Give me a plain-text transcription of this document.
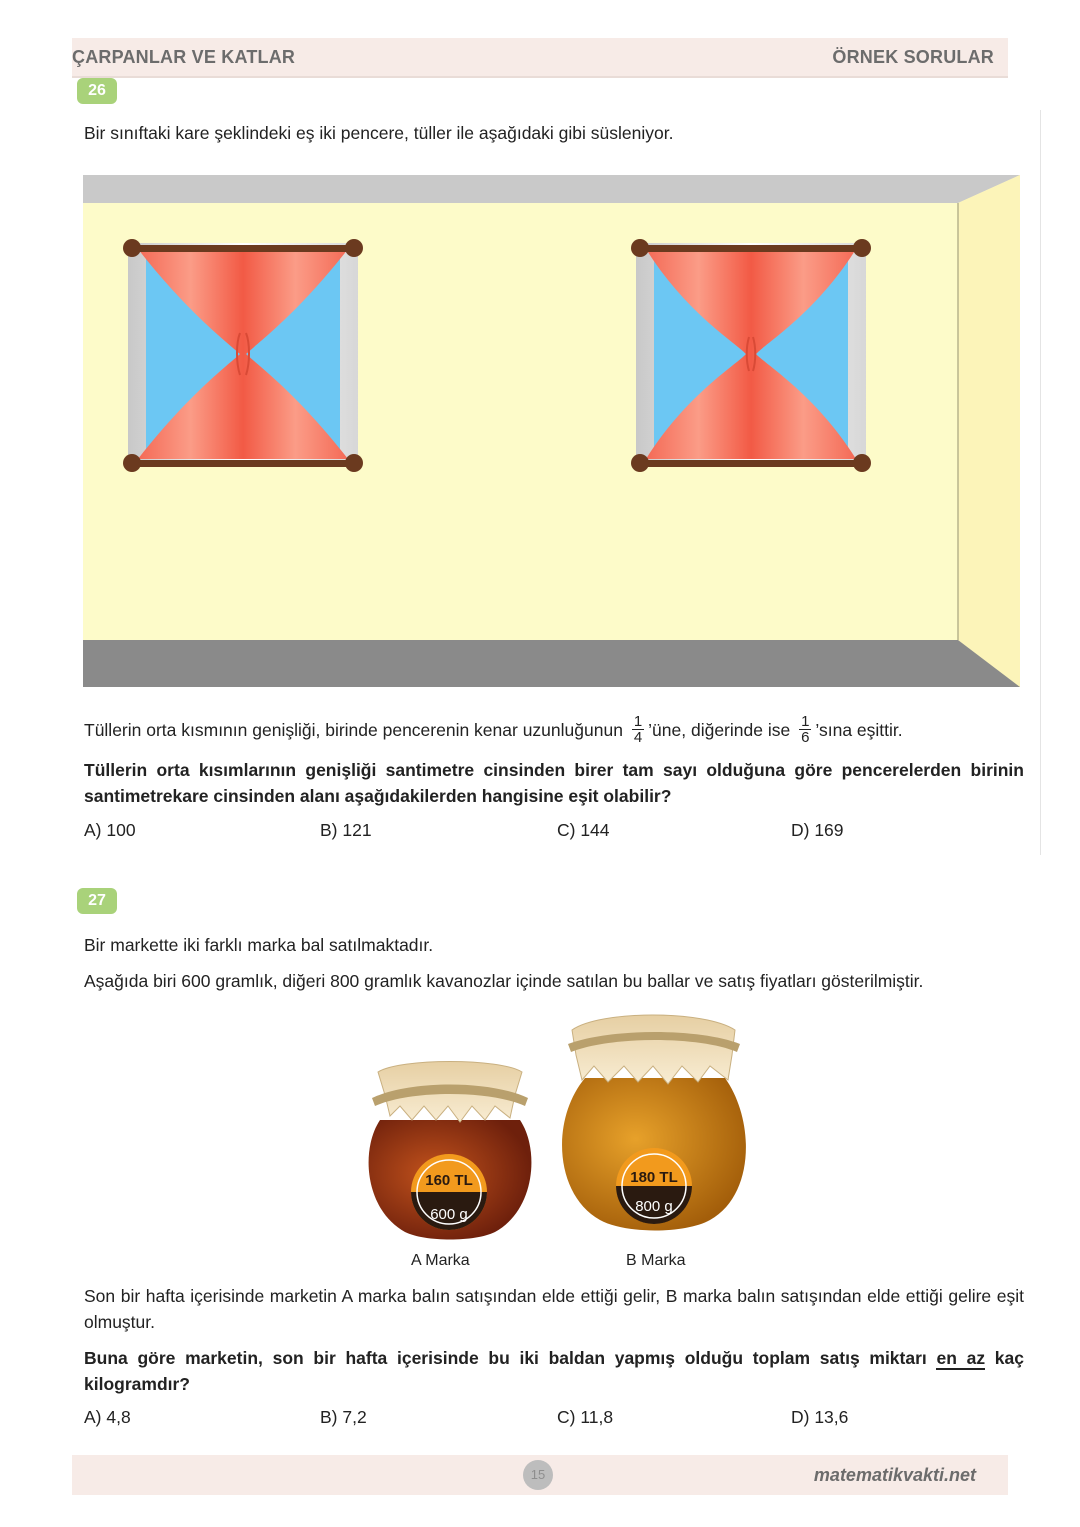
ÇARPANLAR VE KATLAR	ÖRNEK SORULAR
26
Bir sınıftaki kare şeklindeki eş iki pencere, tüller ile aşağıdaki gibi süsleniyor.
Tüllerin orta kısmının genişliği, birinde pencerenin kenar uzunluğunun $\frac{1}{4}$ ’üne, diğerinde ise $\frac{1}{6}$ ’sına eşittir.
Tüllerin orta kısımlarının genişliği santimetre cinsinden birer tam sayı olduğuna göre pencerelerden birinin santimetrekare cinsinden alanı aşağıdakilerden hangisine eşit olabilir?
A) 100	B) 121	C) 144	D) 169
27
Bir markette iki farklı marka bal satılmaktadır.
Aşağıda biri 600 gramlık, diğeri 800 gramlık kavanozlar içinde satılan bu ballar ve satış fiyatları gösterilmiştir.
160 TL
600 g
180 TL
800 g
A Marka	B Marka
Son bir hafta içerisinde marketin A marka balın satışından elde ettiği gelir, B marka balın satışından elde ettiği gelire eşit olmuştur.
Buna göre marketin, son bir hafta içerisinde bu iki baldan yapmış olduğu toplam satış miktarı en az kaç kilogramdır?
A) 4,8	B) 7,2	C) 11,8	D) 13,6
15	matematikvakti.net
